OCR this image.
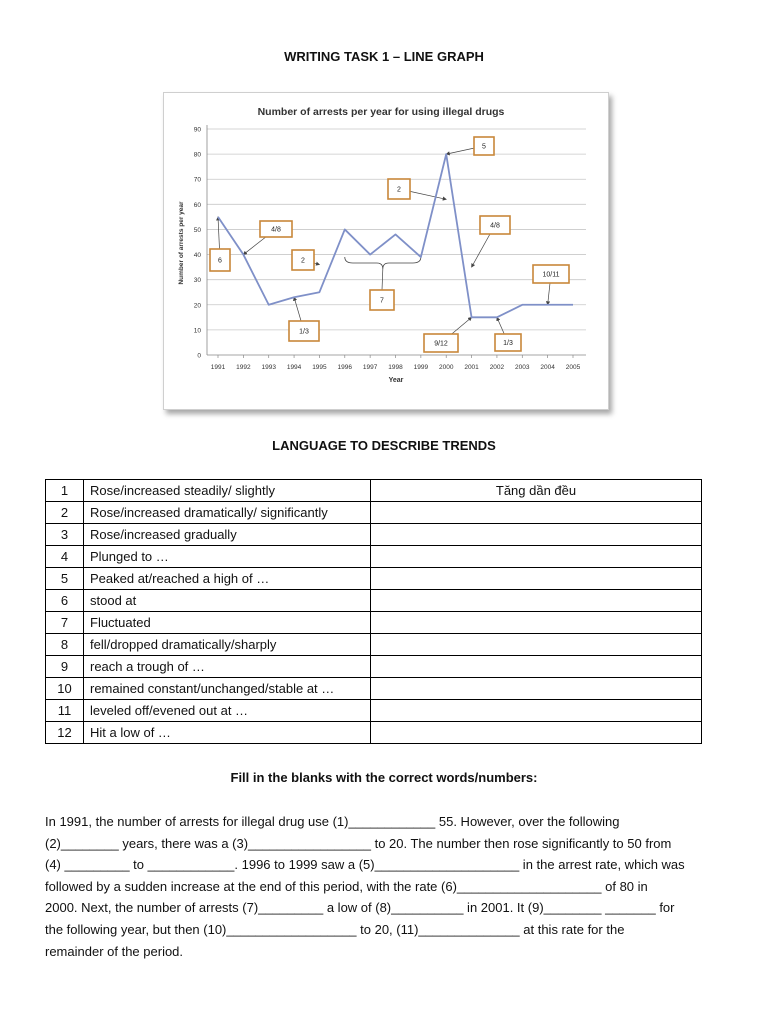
WRITING TASK 1 – LINE GRAPH
Number of arrests per year for using illegal drugs
0
10
20
30
40
50
60
70
80
90
1991 1992 1993 1994 1995 1996 1997 1998 1999 2000 2001 2002 2003 2004 2005
6
4/8
2
1/3
7
2
5
4/8
9/12	1/3
10/11
Year
Number of arrests per year
LANGUAGE TO DESCRIBE TRENDS
1	Rose/increased steadily/ slightly	Tăng dần đều
2	Rose/increased dramatically/ significantly	
3	Rose/increased gradually	
4	Plunged to …	
5	Peaked at/reached a high of …	
6	stood at	
7	Fluctuated	
8	fell/dropped dramatically/sharply	
9	reach a trough of …	
10	remained constant/unchanged/stable at …	
11	leveled off/evened out at …	
12	Hit a low of …	
Fill in the blanks with the correct words/numbers:
In 1991, the number of arrests for illegal drug use (1)____________ 55. However, over the following
(2)________ years, there was a (3)_________________ to 20. The number then rose significantly to 50 from
(4) _________ to ____________. 1996 to 1999 saw a (5)____________________ in the arrest rate, which was
followed by a sudden increase at the end of this period, with the rate (6)____________________ of 80 in
2000. Next, the number of arrests (7)_________ a low of (8)__________ in 2001. It (9)________ _______ for
the following year, but then (10)__________________ to 20, (11)______________ at this rate for the
remainder of the period.
